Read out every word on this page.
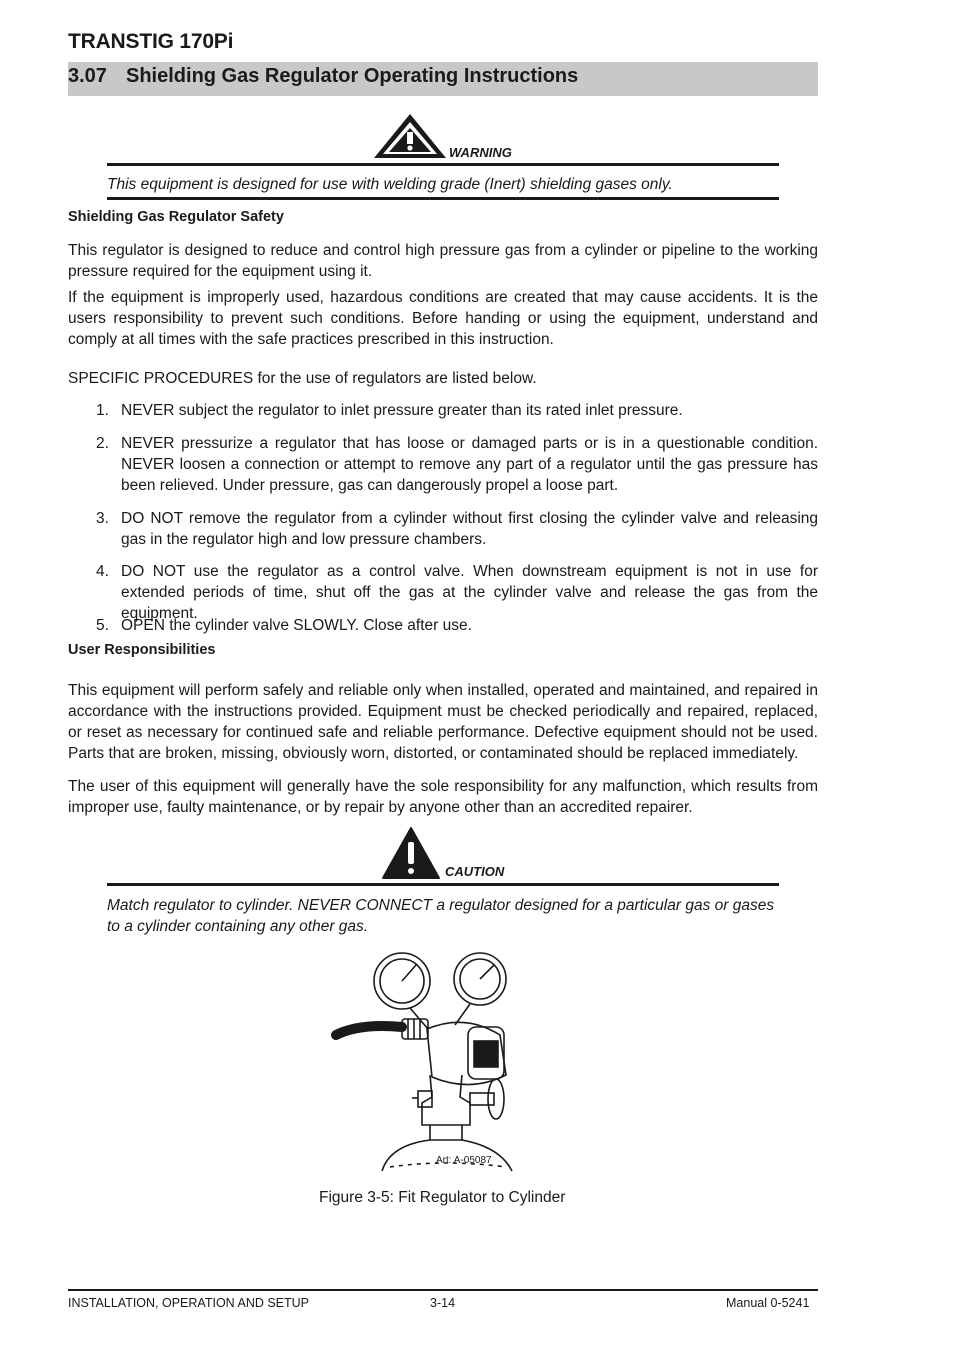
TRANSTIG 170Pi
3.07 Shielding Gas Regulator Operating Instructions
WARNING
This equipment is designed for use with welding grade (Inert) shielding gases only.
Shielding Gas Regulator Safety
This regulator is designed to reduce and control high pressure gas from a cylinder or pipeline to the working pressure required for the equipment using it.
If the equipment is improperly used, hazardous conditions are created that may cause accidents. It is the users responsibility to prevent such conditions. Before handing or using the equipment, understand and comply at all times with the safe practices prescribed in this instruction.
SPECIFIC PROCEDURES for the use of regulators are listed below.
1. NEVER subject the regulator to inlet pressure greater than its rated inlet pressure.
2. NEVER pressurize a regulator that has loose or damaged parts or is in a questionable condition. NEVER loosen a connection or attempt to remove any part of a regulator until the gas pressure has been relieved. Under pressure, gas can dangerously propel a loose part.
3. DO NOT remove the regulator from a cylinder without first closing the cylinder valve and releasing gas in the regulator high and low pressure chambers.
4. DO NOT use the regulator as a control valve. When downstream equipment is not in use for extended periods of time, shut off the gas at the cylinder valve and release the gas from the equipment.
5. OPEN the cylinder valve SLOWLY. Close after use.
User Responsibilities
This equipment will perform safely and reliable only when installed, operated and maintained, and repaired in accordance with the instructions provided. Equipment must be checked periodically and repaired, replaced, or reset as necessary for continued safe and reliable performance. Defective equipment should not be used. Parts that are broken, missing, obviously worn, distorted, or contaminated should be replaced immediately.
The user of this equipment will generally have the sole responsibility for any malfunction, which results from improper use, faulty maintenance, or by repair by anyone other than an accredited repairer.
CAUTION
Match regulator to cylinder. NEVER CONNECT a regulator designed for a particular gas or gases to a cylinder containing any other gas.
Art: A-05087
Figure 3-5: Fit Regulator to Cylinder
INSTALLATION, OPERATION AND SETUP	3-14	Manual 0-5241
